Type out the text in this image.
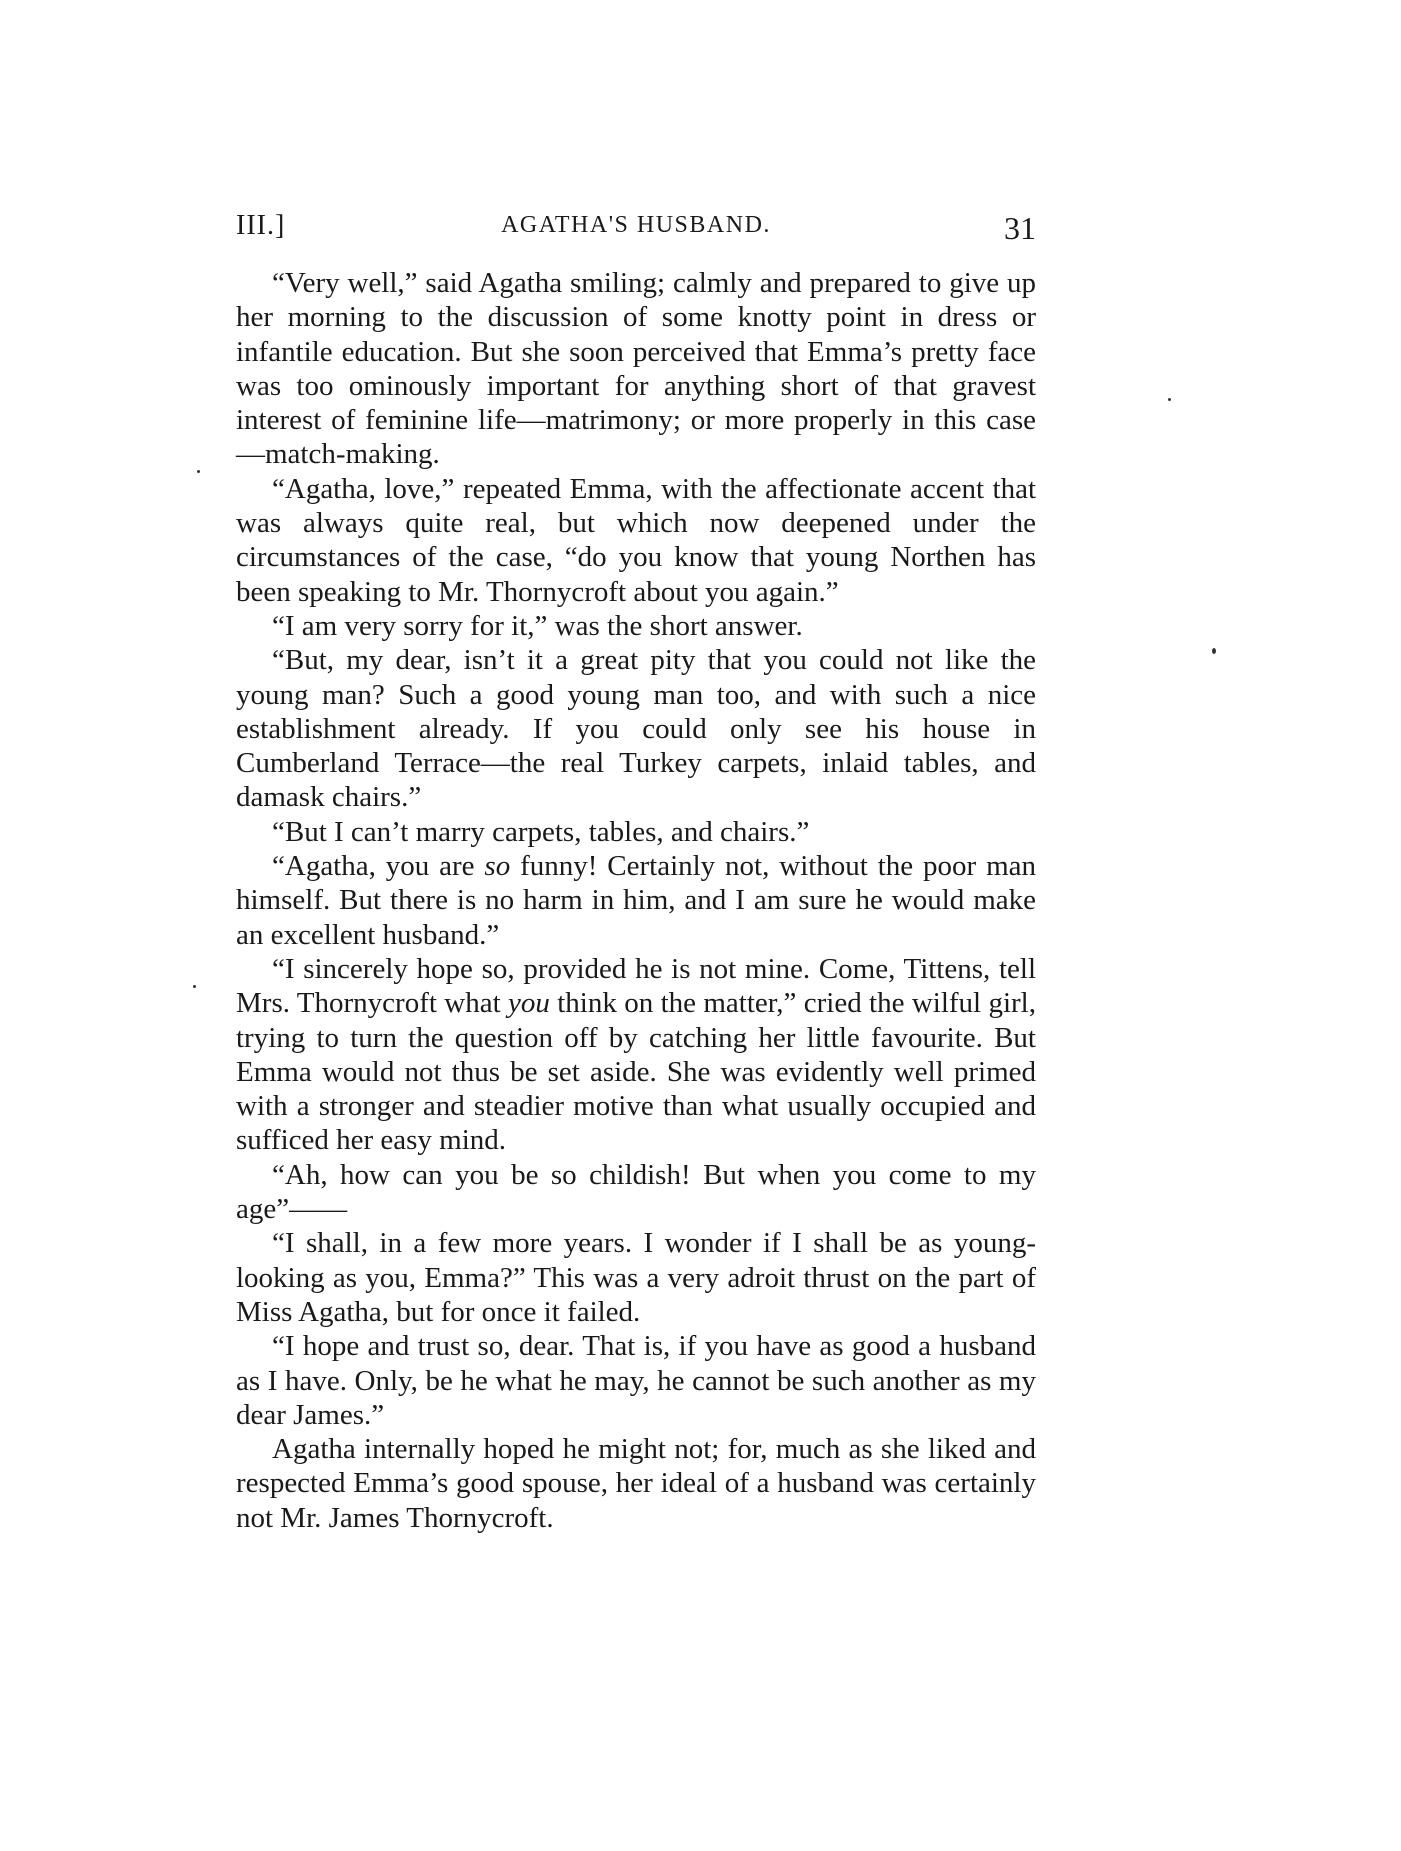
III.]	AGATHA'S HUSBAND.	31

“Very well,” said Agatha smiling; calmly and prepared to give up her morning to the discussion of some knotty point in dress or infantile education. But she soon perceived that Emma’s pretty face was too ominously important for anything short of that gravest interest of feminine life—matrimony; or more properly in this case—match-making.

“Agatha, love,” repeated Emma, with the affectionate accent that was always quite real, but which now deepened under the circumstances of the case, “do you know that young Northen has been speaking to Mr. Thornycroft about you again.”

“I am very sorry for it,” was the short answer.

“But, my dear, isn’t it a great pity that you could not like the young man? Such a good young man too, and with such a nice establishment already. If you could only see his house in Cumberland Terrace—the real Turkey carpets, inlaid tables, and damask chairs.”

“But I can’t marry carpets, tables, and chairs.”

“Agatha, you are so funny! Certainly not, without the poor man himself. But there is no harm in him, and I am sure he would make an excellent husband.”

“I sincerely hope so, provided he is not mine. Come, Tittens, tell Mrs. Thornycroft what you think on the matter,” cried the wilful girl, trying to turn the question off by catching her little favourite. But Emma would not thus be set aside. She was evidently well primed with a stronger and steadier motive than what usually occupied and sufficed her easy mind.

“Ah, how can you be so childish! But when you come to my age”——

“I shall, in a few more years. I wonder if I shall be as young-looking as you, Emma?” This was a very adroit thrust on the part of Miss Agatha, but for once it failed.

“I hope and trust so, dear. That is, if you have as good a husband as I have. Only, be he what he may, he cannot be such another as my dear James.”

Agatha internally hoped he might not; for, much as she liked and respected Emma’s good spouse, her ideal of a husband was certainly not Mr. James Thornycroft.
